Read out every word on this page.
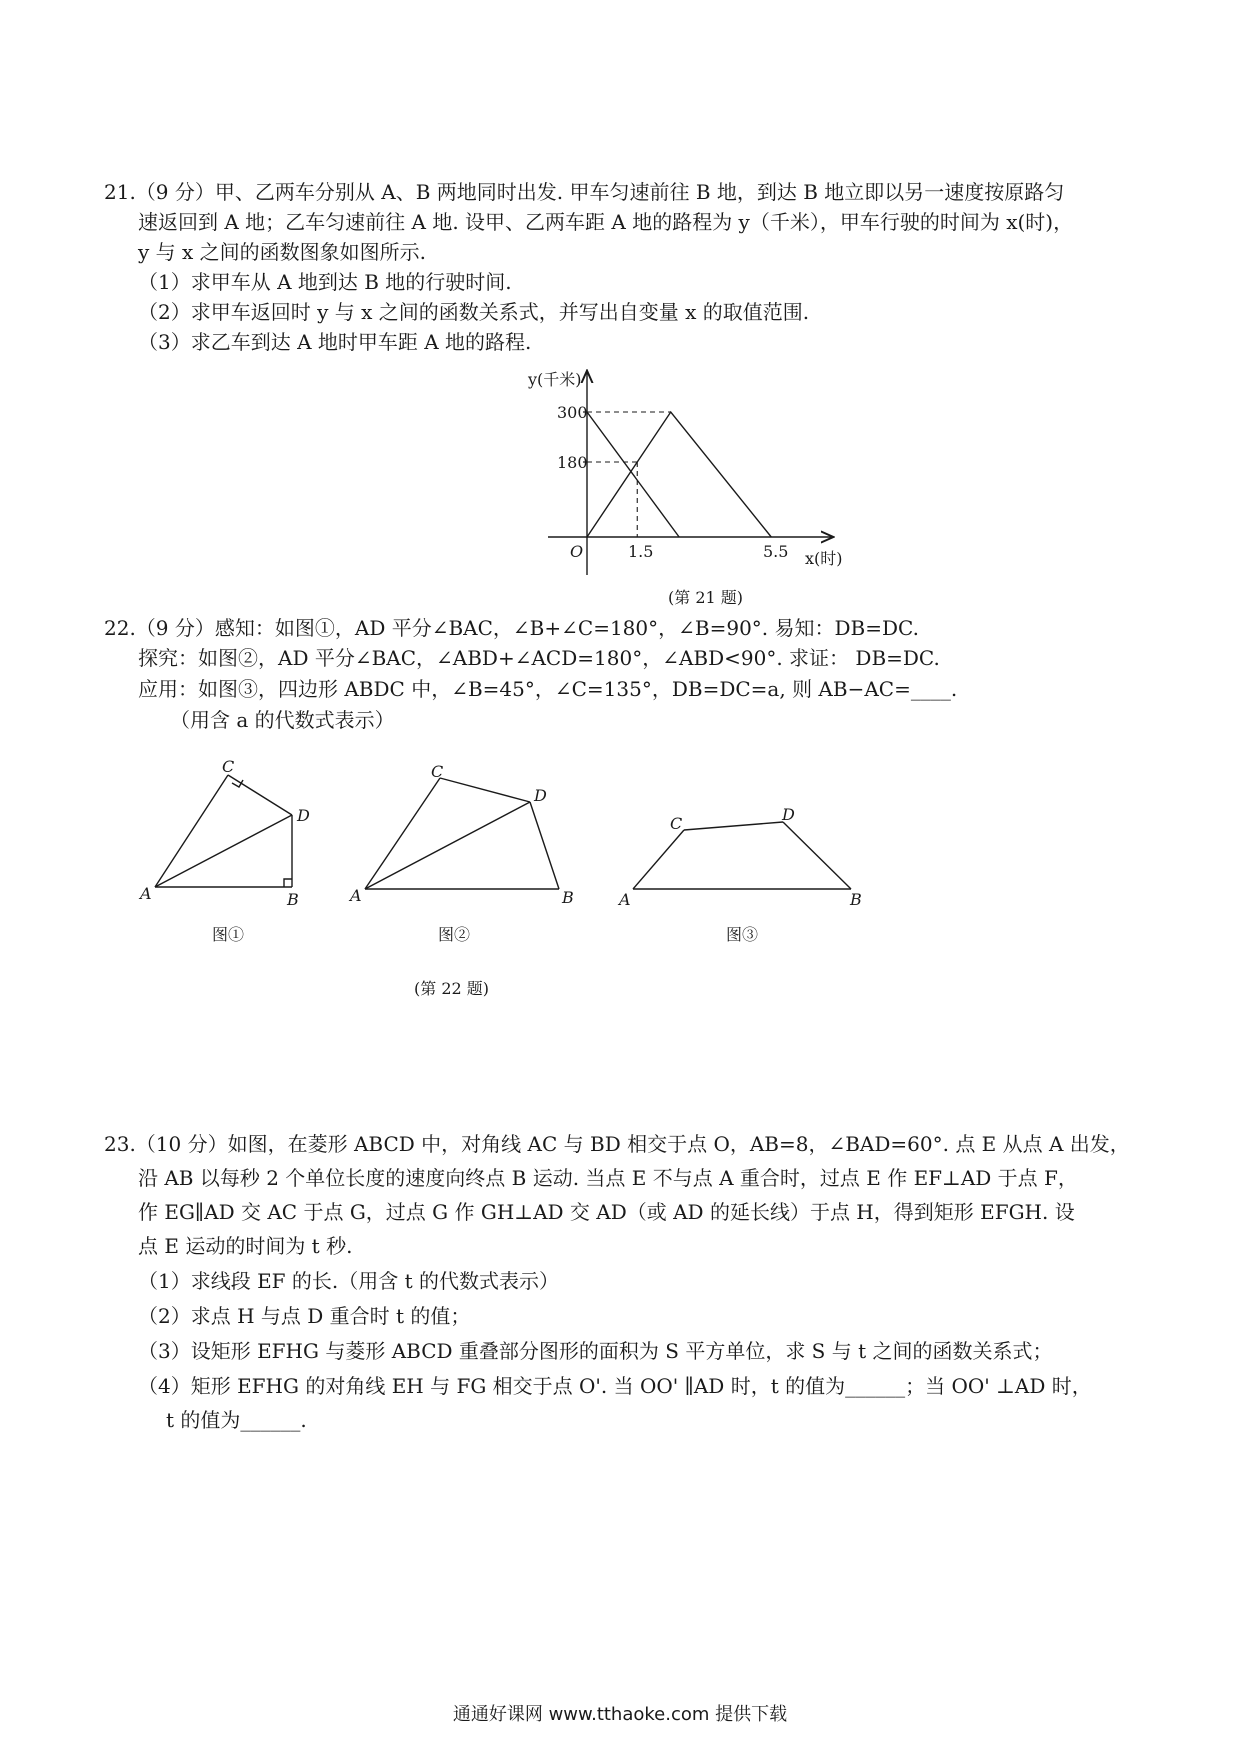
21.（9 分）甲、乙两车分别从 A、B 两地同时出发. 甲车匀速前往 B 地，到达 B 地立即以另一速度按原路匀
速返回到 A 地；乙车匀速前往 A 地. 设甲、乙两车距 A 地的路程为 y（千米），甲车行驶的时间为 x(时)，
y 与 x 之间的函数图象如图所示.
（1）求甲车从 A 地到达 B 地的行驶时间.
（2）求甲车返回时 y 与 x 之间的函数关系式，并写出自变量 x 的取值范围.
（3）求乙车到达 A 地时甲车距 A 地的路程.
y(千米)
x(时)
O	1.5	5.5
180
300
(第 21 题)
22.（9 分）感知：如图①，AD 平分∠BAC，∠B+∠C=180°，∠B=90°. 易知：DB=DC.
探究：如图②，AD 平分∠BAC，∠ABD+∠ACD=180°，∠ABD<90°. 求证： DB=DC.
应用：如图③，四边形 ABDC 中，∠B=45°，∠C=135°，DB=DC=a, 则 AB−AC=____.
（用含 a 的代数式表示）
C
D
A	B
图①
C
D
A	B
图②
C	D
A	B
图③
(第 22 题)
23.（10 分）如图，在菱形 ABCD 中，对角线 AC 与 BD 相交于点 O，AB=8，∠BAD=60°. 点 E 从点 A 出发，
沿 AB 以每秒 2 个单位长度的速度向终点 B 运动. 当点 E 不与点 A 重合时，过点 E 作 EF⊥AD 于点 F，
作 EG∥AD 交 AC 于点 G，过点 G 作 GH⊥AD 交 AD（或 AD 的延长线）于点 H，得到矩形 EFGH. 设
点 E 运动的时间为 t 秒.
（1）求线段 EF 的长.（用含 t 的代数式表示）
（2）求点 H 与点 D 重合时 t 的值；
（3）设矩形 EFHG 与菱形 ABCD 重叠部分图形的面积为 S 平方单位，求 S 与 t 之间的函数关系式；
（4）矩形 EFHG 的对角线 EH 与 FG 相交于点 O'. 当 OO' ∥AD 时，t 的值为______；当 OO' ⊥AD 时，
t 的值为______.
通通好课网 www.tthaoke.com 提供下载
